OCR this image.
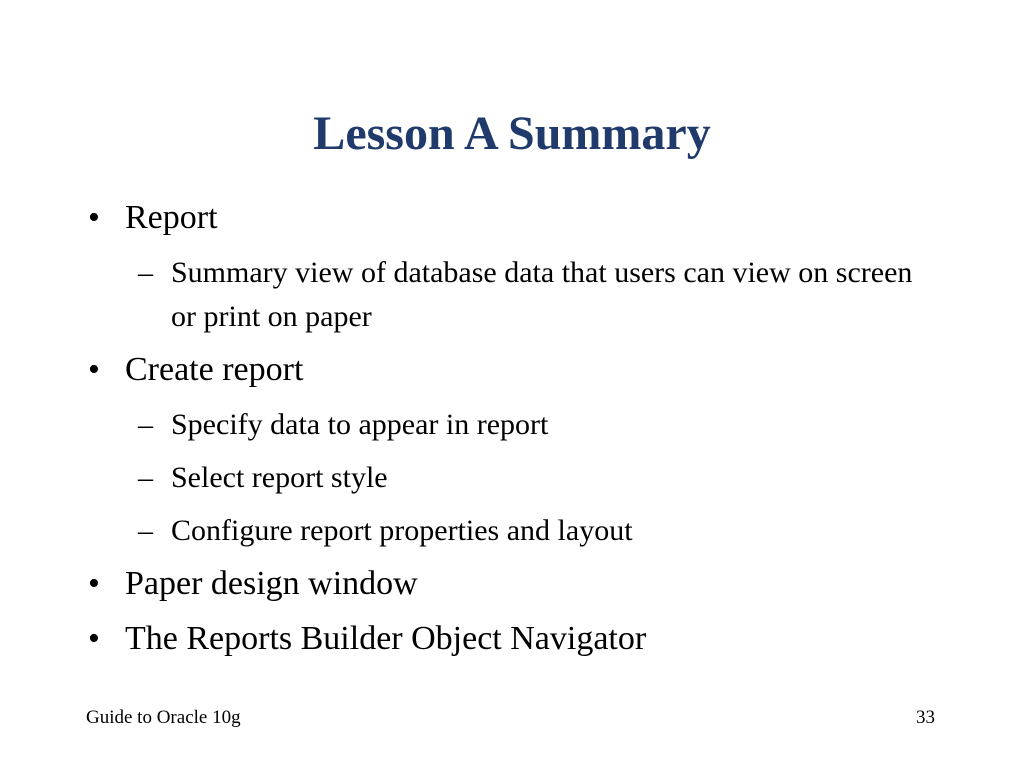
Lesson A Summary
• Report
– Summary view of database data that users can view on screen or print on paper
• Create report
– Specify data to appear in report
– Select report style
– Configure report properties and layout
• Paper design window
• The Reports Builder Object Navigator
Guide to Oracle 10g	33
